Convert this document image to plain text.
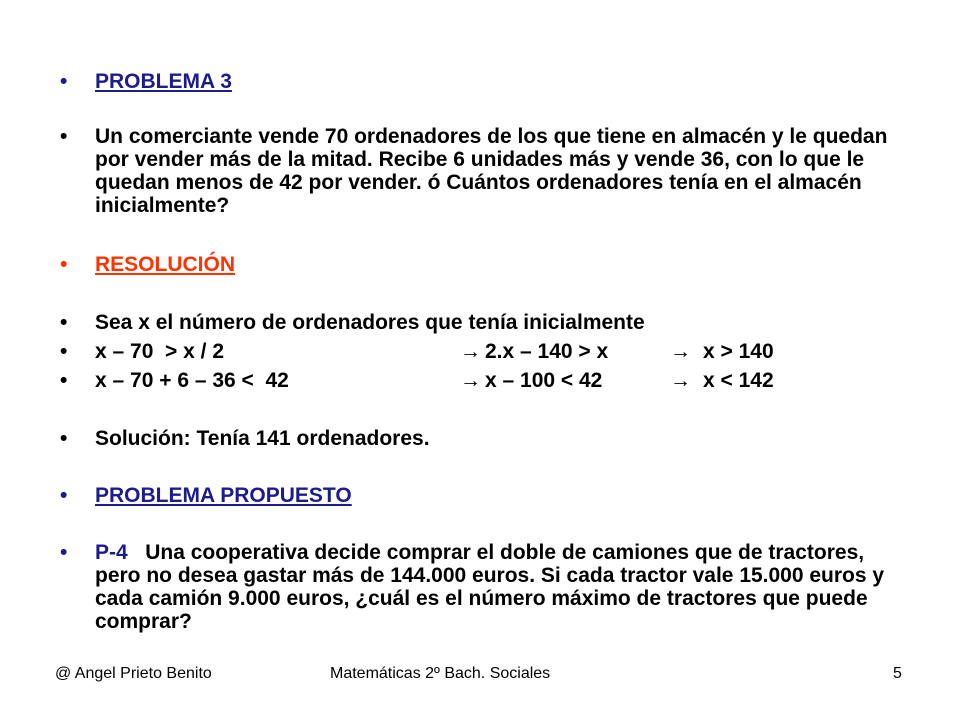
•	PROBLEMA 3
•	Un comerciante vende 70 ordenadores de los que tiene en almacén y le quedan por vender más de la mitad. Recibe 6 unidades más y vende 36, con lo que le quedan menos de 42 por vender. ó Cuántos ordenadores tenía en el almacén inicialmente?
•	RESOLUCIÓN
•	Sea x el número de ordenadores que tenía inicialmente
•	x – 70  > x / 2	→ 2.x – 140 > x	→ x > 140
•	x – 70 + 6 – 36 <  42	→ x – 100 < 42	→ x < 142
•	Solución: Tenía 141 ordenadores.
•	PROBLEMA PROPUESTO
•	P-4 Una cooperativa decide comprar el doble de camiones que de tractores, pero no desea gastar más de 144.000 euros. Si cada tractor vale 15.000 euros y cada camión 9.000 euros, ¿cuál es el número máximo de tractores que puede comprar?
@ Angel Prieto Benito	Matemáticas 2º Bach. Sociales	5
